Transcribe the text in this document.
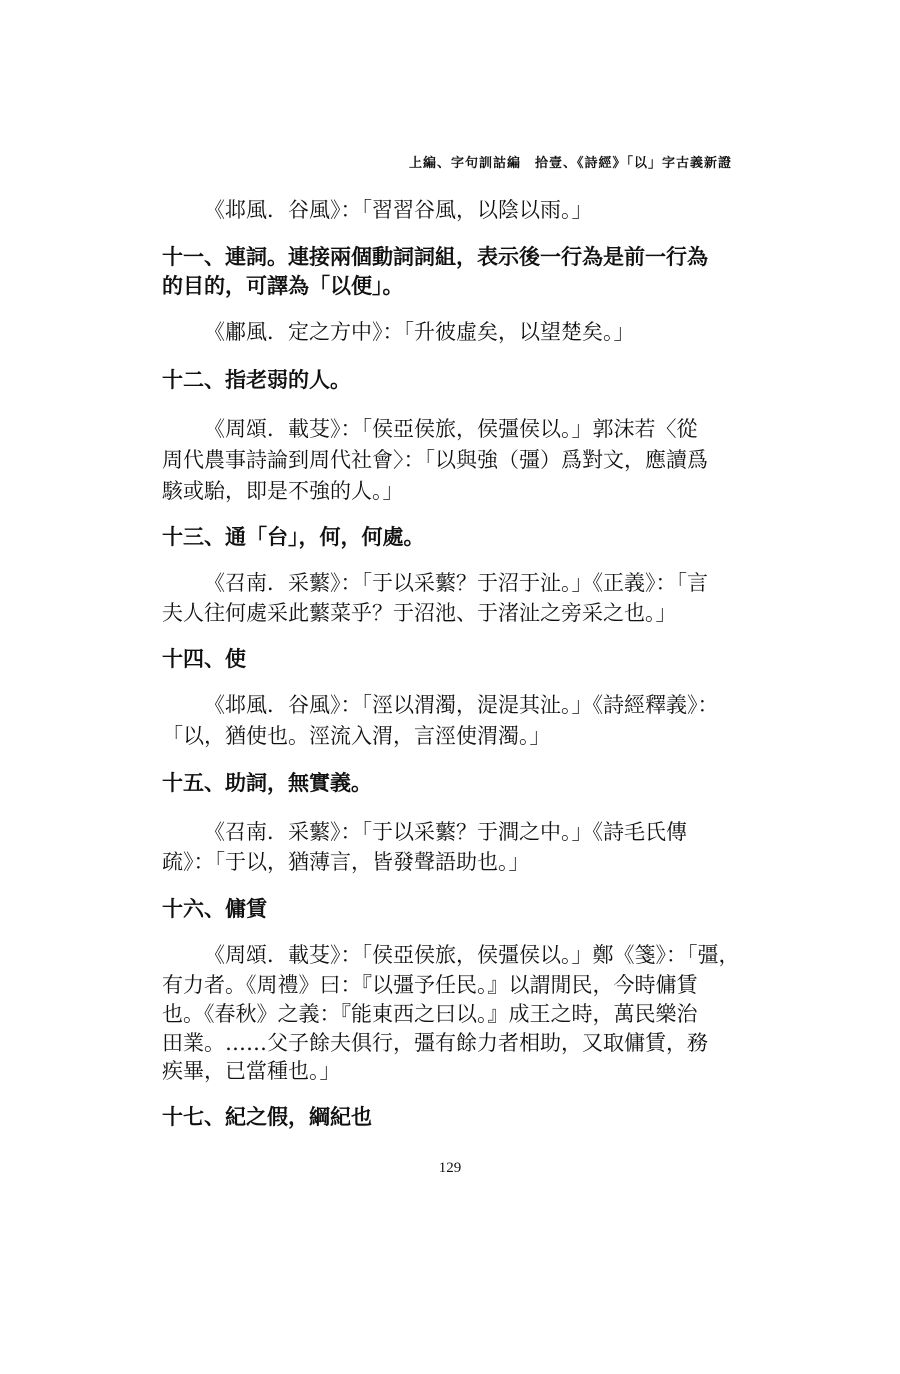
上編、字句訓詁編　拾壹、《詩經》「以」字古義新證
《邶風．谷風》：「習習谷風，以陰以雨。」
十一、連詞。連接兩個動詞詞組，表示後一行為是前一行為
的目的，可譯為「以便」。
《鄘風．定之方中》：「升彼虛矣，以望楚矣。」
十二、指老弱的人。
《周頌．載芟》：「侯亞侯旅，侯彊侯以。」郭沫若〈從
周代農事詩論到周代社會〉：「以與強（彊）爲對文，應讀爲
駭或駘，即是不強的人。」
十三、通「台」，何，何處。
《召南．采蘩》：「于以采蘩？于沼于沚。」《正義》：「言
夫人往何處采此蘩菜乎？于沼池、于渚沚之旁采之也。」
十四、使
《邶風．谷風》：「涇以渭濁，湜湜其沚。」《詩經釋義》：
「以，猶使也。涇流入渭，言涇使渭濁。」
十五、助詞，無實義。
《召南．采蘩》：「于以采蘩？于澗之中。」《詩毛氏傳
疏》：「于以，猶薄言，皆發聲語助也。」
十六、傭賃
《周頌．載芟》：「侯亞侯旅，侯彊侯以。」鄭《箋》：「彊，
有力者。《周禮》曰：『以彊予任民。』以謂閒民，今時傭賃
也。《春秋》之義：『能東西之曰以。』成王之時，萬民樂治
田業。……父子餘夫俱行，彊有餘力者相助，又取傭賃，務
疾畢，已當種也。」
十七、紀之假，綱紀也
129
